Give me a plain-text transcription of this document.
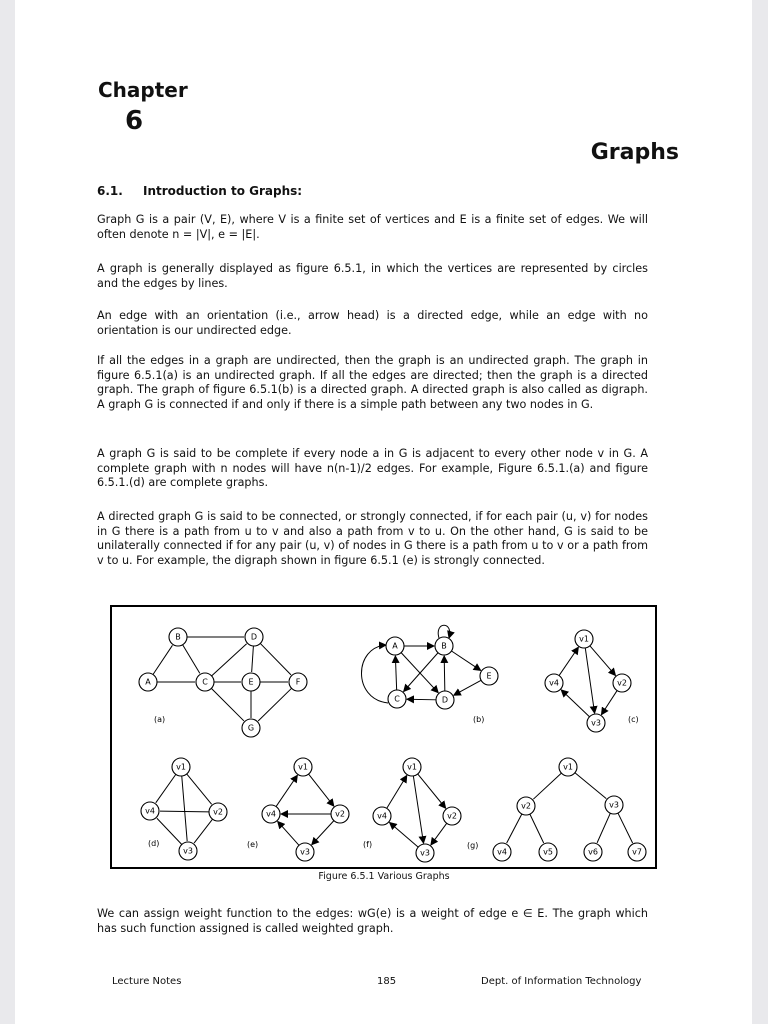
Chapter
6
Graphs
6.1. Introduction to Graphs:
Graph G is a pair (V, E), where V is a finite set of vertices and E is a finite set of edges. We will often denote n = |V|, e = |E|.
A graph is generally displayed as figure 6.5.1, in which the vertices are represented by circles and the edges by lines.
An edge with an orientation (i.e., arrow head) is a directed edge, while an edge with no orientation is our undirected edge.
If all the edges in a graph are undirected, then the graph is an undirected graph. The graph in figure 6.5.1(a) is an undirected graph. If all the edges are directed; then the graph is a directed graph. The graph of figure 6.5.1(b) is a directed graph. A directed graph is also called as digraph. A graph G is connected if and only if there is a simple path between any two nodes in G.
A graph G is said to be complete if every node a in G is adjacent to every other node v in G. A complete graph with n nodes will have n(n-1)/2 edges. For example, Figure 6.5.1.(a) and figure 6.5.1.(d) are complete graphs.
A directed graph G is said to be connected, or strongly connected, if for each pair (u, v) for nodes in G there is a path from u to v and also a path from v to u. On the other hand, G is said to be unilaterally connected if for any pair (u, v) of nodes in G there is a path from u to v or a path from v to u. For example, the digraph shown in figure 6.5.1 (e) is strongly connected.
(a)	(b)	(c)
(d)	(e)	(f)	(g)
A
B
C
D
E	F
G
A	B
C	D
E
v1
v2
v3
v4
v1
v2
v3
v4
v1
v2
v3
v4
v1
v2
v3
v4
v1
v2	v3
v4	v5	v6	v7
Figure 6.5.1 Various Graphs
We can assign weight function to the edges: wG(e) is a weight of edge e ∈ E. The graph which has such function assigned is called weighted graph.
Lecture Notes	185	Dept. of Information Technology
